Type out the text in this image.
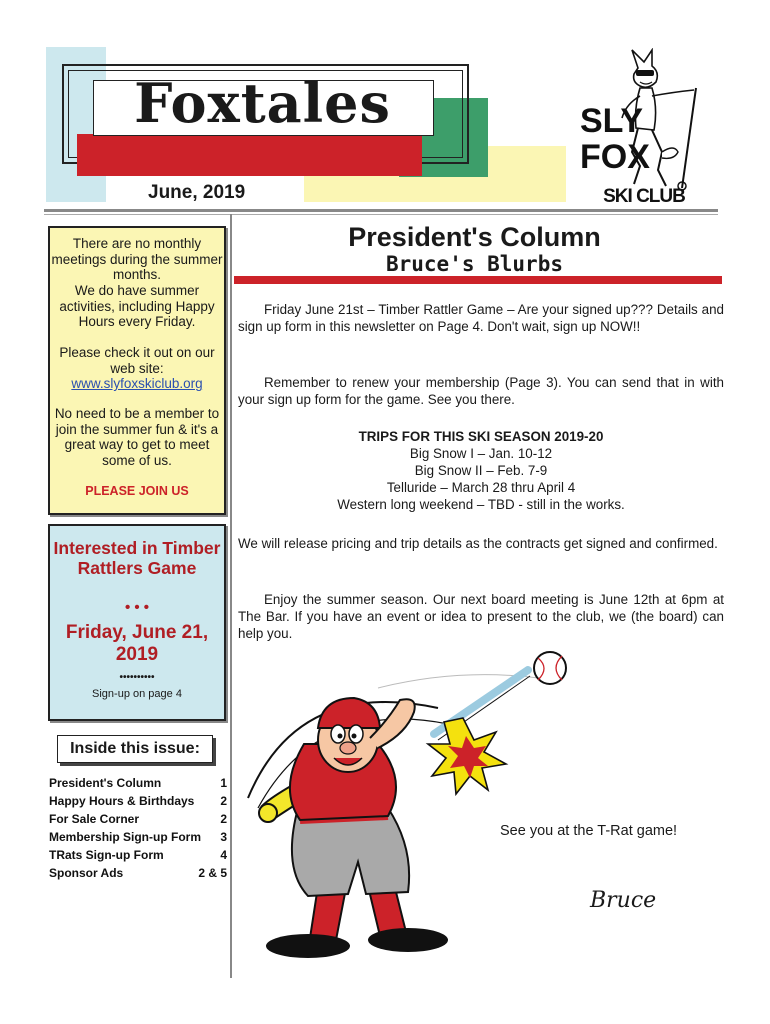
Foxtales
June, 2019
SLY
FOX
SKI CLUB

There are no monthly meetings during the summer months.

We do have summer activities, including Happy Hours every Friday.

Please check it out on our web site:

www.slyfoxskiclub.org

No need to be a member to join the summer fun & it's a great way to get to meet some of us.

PLEASE JOIN US

Interested in Timber Rattlers Game

• • •

Friday, June 21, 2019

••••••••••
Sign-up on page 4
Inside this issue:
President's Column	1
Happy Hours & Birthdays 2
For Sale Corner	2
Membership Sign-up Form 3
TRats Sign-up Form	4
Sponsor Ads	2 & 5
President's Column
Bruce's Blurbs

Friday June 21st – Timber Rattler Game – Are your signed up??? Details and sign up form in this newsletter on Page 4. Don't wait, sign up NOW!!

Remember to renew your membership (Page 3). You can send that in with your sign up form for the game. See you there.

TRIPS FOR THIS SKI SEASON 2019-20
Big Snow I – Jan. 10-12
Big Snow II – Feb. 7-9
Telluride – March 28 thru April 4
Western long weekend – TBD - still in the works.

We will release pricing and trip details as the contracts get signed and confirmed.

Enjoy the summer season. Our next board meeting is June 12th at 6pm at The Bar. If you have an event or idea to present to the club, we (the board) can help you.

See you at the T-Rat game!
Bruce
